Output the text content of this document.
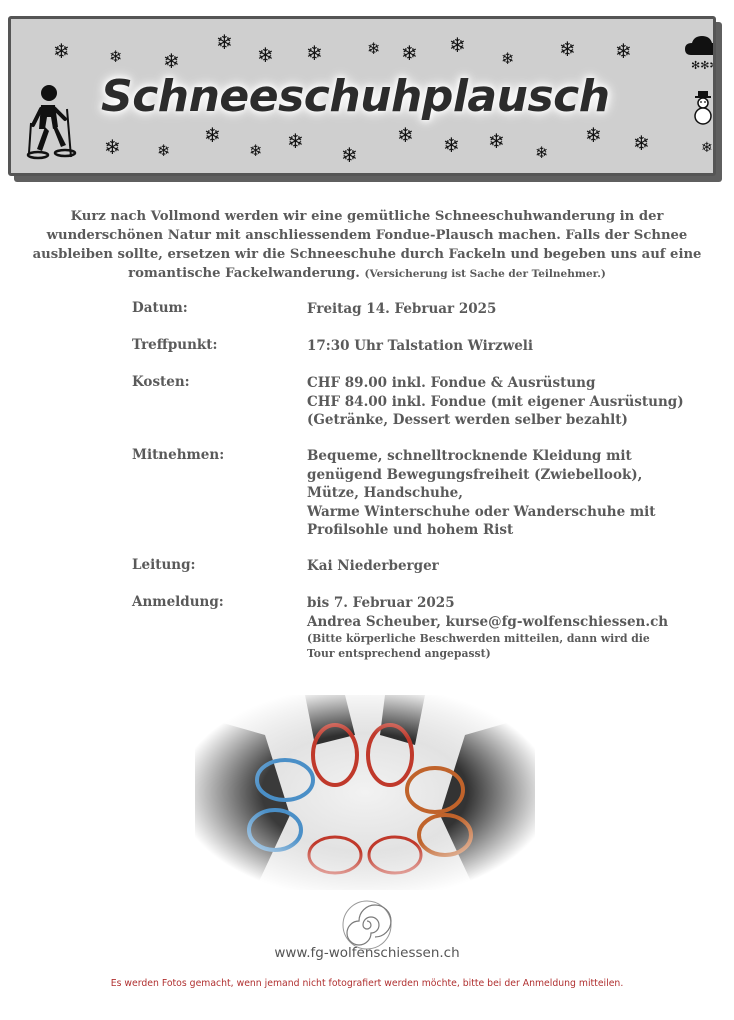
❄ ❄ ❄
❄
❄ ❄	❄ ❄ ❄
❄ ❄ ❄
❄ ❄
❄
❄ ❄
❄
❄ ❄ ❄ ❄
❄ ❄	❄
Schneeschuhplausch
✻✻✻
Kurz nach Vollmond werden wir eine gemütliche Schneeschuhwanderung in der wunderschönen Natur mit anschliessendem Fondue-Plausch machen. Falls der Schnee ausbleiben sollte, ersetzen wir die Schneeschuhe durch Fackeln und begeben uns auf eine romantische Fackelwanderung. (Versicherung ist Sache der Teilnehmer.)
Datum:	Freitag 14. Februar 2025
Treffpunkt:	17:30 Uhr Talstation Wirzweli
Kosten:	CHF 89.00 inkl. Fondue & Ausrüstung
CHF 84.00 inkl. Fondue (mit eigener Ausrüstung)
(Getränke, Dessert werden selber bezahlt)
Mitnehmen:	Bequeme, schnelltrocknende Kleidung mit
genügend Bewegungsfreiheit (Zwiebellook),
Mütze, Handschuhe,
Warme Winterschuhe oder Wanderschuhe mit
Profilsohle und hohem Rist
Leitung:	Kai Niederberger
Anmeldung:	bis 7. Februar 2025
Andrea Scheuber, kurse@fg-wolfenschiessen.ch
(Bitte körperliche Beschwerden mitteilen, dann wird die
Tour entsprechend angepasst)
www.fg-wolfenschiessen.ch
Es werden Fotos gemacht, wenn jemand nicht fotografiert werden möchte, bitte bei der Anmeldung mitteilen.
